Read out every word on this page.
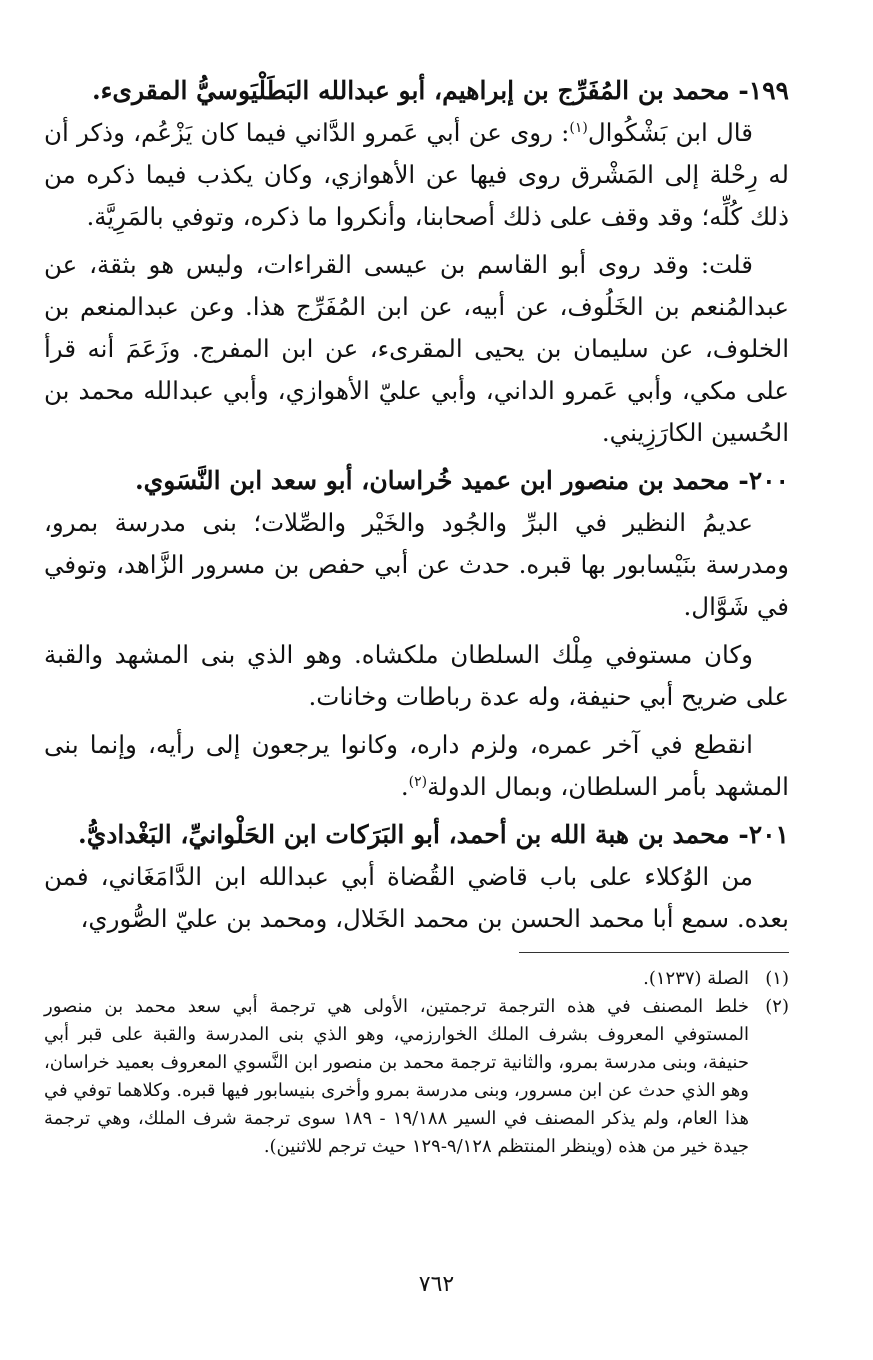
١٩٩- محمد بن المُفَرِّج بن إبراهيم، أبو عبدالله البَطَلْيَوسيُّ المقرىء.

قال ابن بَشْكُوال$^{(١)}$: روى عن أبي عَمرو الدَّاني فيما كان يَزْعُم، وذكر أن له رِحْلة إلى المَشْرق روى فيها عن الأهوازي، وكان يكذب فيما ذكره من ذلك كُلِّه؛ وقد وقف على ذلك أصحابنا، وأنكروا ما ذكره، وتوفي بالمَرِيَّة.

قلت: وقد روى أبو القاسم بن عيسى القراءات، وليس هو بثقة، عن عبدالمُنعم بن الخَلُوف، عن أبيه، عن ابن المُفَرِّج هذا. وعن عبدالمنعم بن الخلوف، عن سليمان بن يحيى المقرىء، عن ابن المفرج. وزَعَمَ أنه قرأ على مكي، وأبي عَمرو الداني، وأبي عليّ الأهوازي، وأبي عبدالله محمد بن الحُسين الكارَزِيني.

٢٠٠- محمد بن منصور ابن عميد خُراسان، أبو سعد ابن النَّسَوي.

عديمُ النظير في البرِّ والجُود والخَيْر والصِّلات؛ بنى مدرسة بمرو، ومدرسة بنَيْسابور بها قبره. حدث عن أبي حفص بن مسرور الزَّاهد، وتوفي في شَوَّال.

وكان مستوفي مِلْك السلطان ملكشاه. وهو الذي بنى المشهد والقبة على ضريح أبي حنيفة، وله عدة رباطات وخانات.

انقطع في آخر عمره، ولزم داره، وكانوا يرجعون إلى رأيه، وإنما بنى المشهد بأمر السلطان، وبمال الدولة$^{(٢)}$.

٢٠١- محمد بن هبة الله بن أحمد، أبو البَرَكات ابن الحَلْوانيِّ، البَغْداديُّ.

من الوُكلاء على باب قاضي القُضاة أبي عبدالله ابن الدَّامَغَاني، فمن بعده. سمع أبا محمد الحسن بن محمد الخَلال، ومحمد بن عليّ الصُّوري،

(١)
الصلة (١٢٣٧).
(٢)
خلط المصنف في هذه الترجمة ترجمتين، الأولى هي ترجمة أبي سعد محمد بن منصور المستوفي المعروف بشرف الملك الخوارزمي، وهو الذي بنى المدرسة والقبة على قبر أبي حنيفة، وبنى مدرسة بمرو، والثانية ترجمة محمد بن منصور ابن النَّسوي المعروف بعميد خراسان، وهو الذي حدث عن ابن مسرور، وبنى مدرسة بمرو وأخرى بنيسابور فيها قبره. وكلاهما توفي في هذا العام، ولم يذكر المصنف في السير ١٩/١٨٨ - ١٨٩ سوى ترجمة شرف الملك، وهي ترجمة جيدة خير من هذه (وينظر المنتظم ٩/١٢٨-١٢٩ حيث ترجم للاثنين).
٧٦٢
